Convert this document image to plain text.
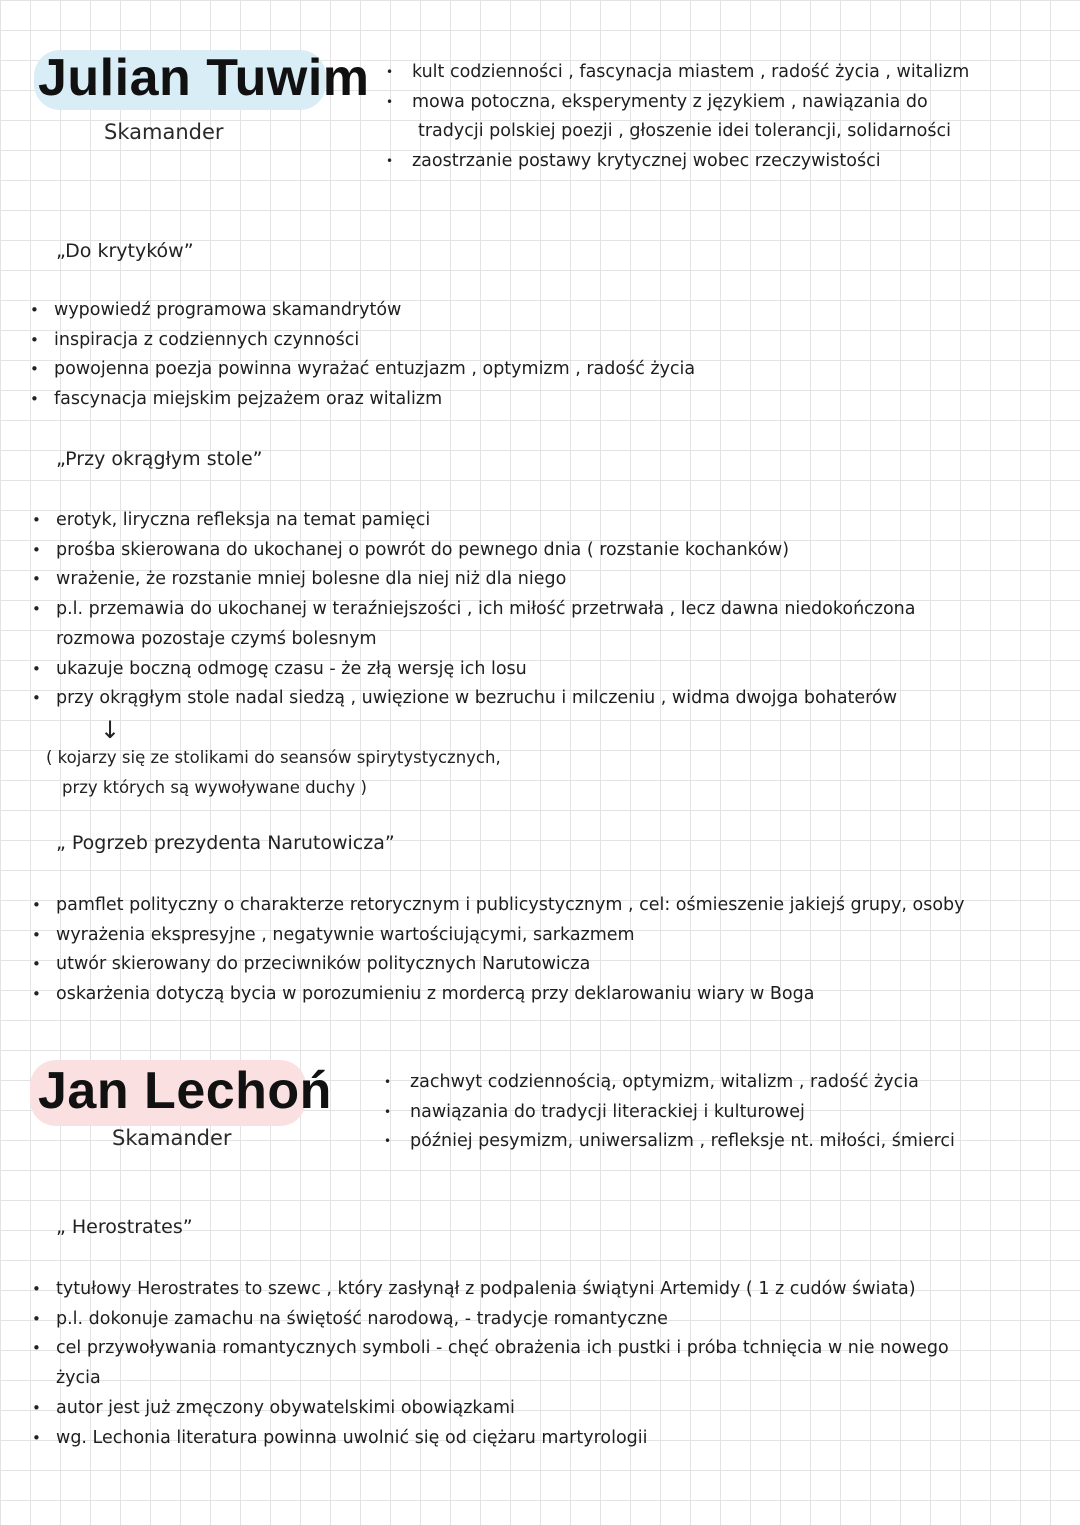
Julian Tuwim
Skamander
• kult codzienności , fascynacja miastem , radość życia , witalizm
• mowa potoczna, eksperymenty z językiem , nawiązania do
tradycji polskiej poezji , głoszenie idei tolerancji, solidarności
• zaostrzanie postawy krytycznej wobec rzeczywistości
„Do krytyków”
• wypowiedź programowa skamandrytów
• inspiracja z codziennych czynności
• powojenna poezja powinna wyrażać entuzjazm , optymizm , radość życia
• fascynacja miejskim pejzażem oraz witalizm
„Przy okrągłym stole”
• erotyk, liryczna refleksja na temat pamięci
• prośba skierowana do ukochanej o powrót do pewnego dnia ( rozstanie kochanków)
• wrażenie, że rozstanie mniej bolesne dla niej niż dla niego
• p.l. przemawia do ukochanej w teraźniejszości , ich miłość przetrwała , lecz dawna niedokończona
rozmowa pozostaje czymś bolesnym
• ukazuje boczną odmogę czasu - że złą wersję ich losu
• przy okrągłym stole nadal siedzą , uwięzione w bezruchu i milczeniu , widma dwojga bohaterów
↓
( kojarzy się ze stolikami do seansów spirytystycznych,
przy których są wywoływane duchy )
„ Pogrzeb prezydenta Narutowicza”
• pamflet polityczny o charakterze retorycznym i publicystycznym , cel: ośmieszenie jakiejś grupy, osoby
• wyrażenia ekspresyjne , negatywnie wartościującymi, sarkazmem
• utwór skierowany do przeciwników politycznych Narutowicza
• oskarżenia dotyczą bycia w porozumieniu z mordercą przy deklarowaniu wiary w Boga
Jan Lechoń
Skamander
• zachwyt codziennością, optymizm, witalizm , radość życia
• nawiązania do tradycji literackiej i kulturowej
• później pesymizm, uniwersalizm , refleksje nt. miłości, śmierci
„ Herostrates”
• tytułowy Herostrates to szewc , który zasłynął z podpalenia świątyni Artemidy ( 1 z cudów świata)
• p.l. dokonuje zamachu na świętość narodową, - tradycje romantyczne
• cel przywoływania romantycznych symboli - chęć obrażenia ich pustki i próba tchnięcia w nie nowego
życia
• autor jest już zmęczony obywatelskimi obowiązkami
• wg. Lechonia literatura powinna uwolnić się od ciężaru martyrologii
